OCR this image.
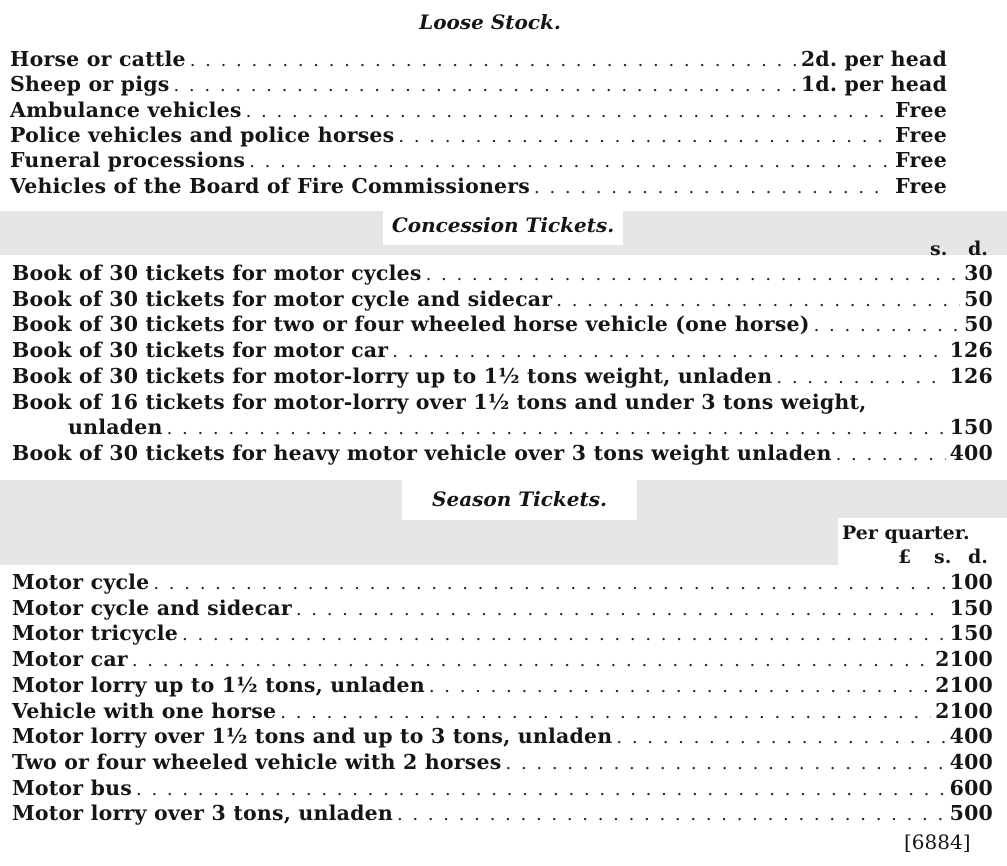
Loose Stock.
Horse or cattle . . .	2d. per head
Sheep or pigs . . .	1d. per head
Ambulance vehicles . . .	Free
Police vehicles and police horses . . .	Free
Funeral processions . . .	Free
Vehicles of the Board of Fire Commissioners . . .	Free
Concession Tickets.
s. d.
Book of 30 tickets for motor cycles . . .	3 0
Book of 30 tickets for motor cycle and sidecar . . .	5 0
Book of 30 tickets for two or four wheeled horse vehicle (one horse) . . .	5 0
Book of 30 tickets for motor car . . .	12 6
Book of 30 tickets for motor-lorry up to 1½ tons weight, unladen . . .	12 6
Book of 16 tickets for motor-lorry over 1½ tons and under 3 tons weight,
unladen . . .	15 0
Book of 30 tickets for heavy motor vehicle over 3 tons weight unladen . . .	40 0
Season Tickets.
Per quarter.
£ s. d.
Motor cycle . . .	1 0 0
Motor cycle and sidecar . . .	1 5 0
Motor tricycle . . .	1 5 0
Motor car . . .	2 10 0
Motor lorry up to 1½ tons, unladen . . .	2 10 0
Vehicle with one horse . . .	2 10 0
Motor lorry over 1½ tons and up to 3 tons, unladen . . .	4 0 0
Two or four wheeled vehicle with 2 horses . . .	4 0 0
Motor bus . . .	6 0 0
Motor lorry over 3 tons, unladen . . .	5 0 0
[6884]
